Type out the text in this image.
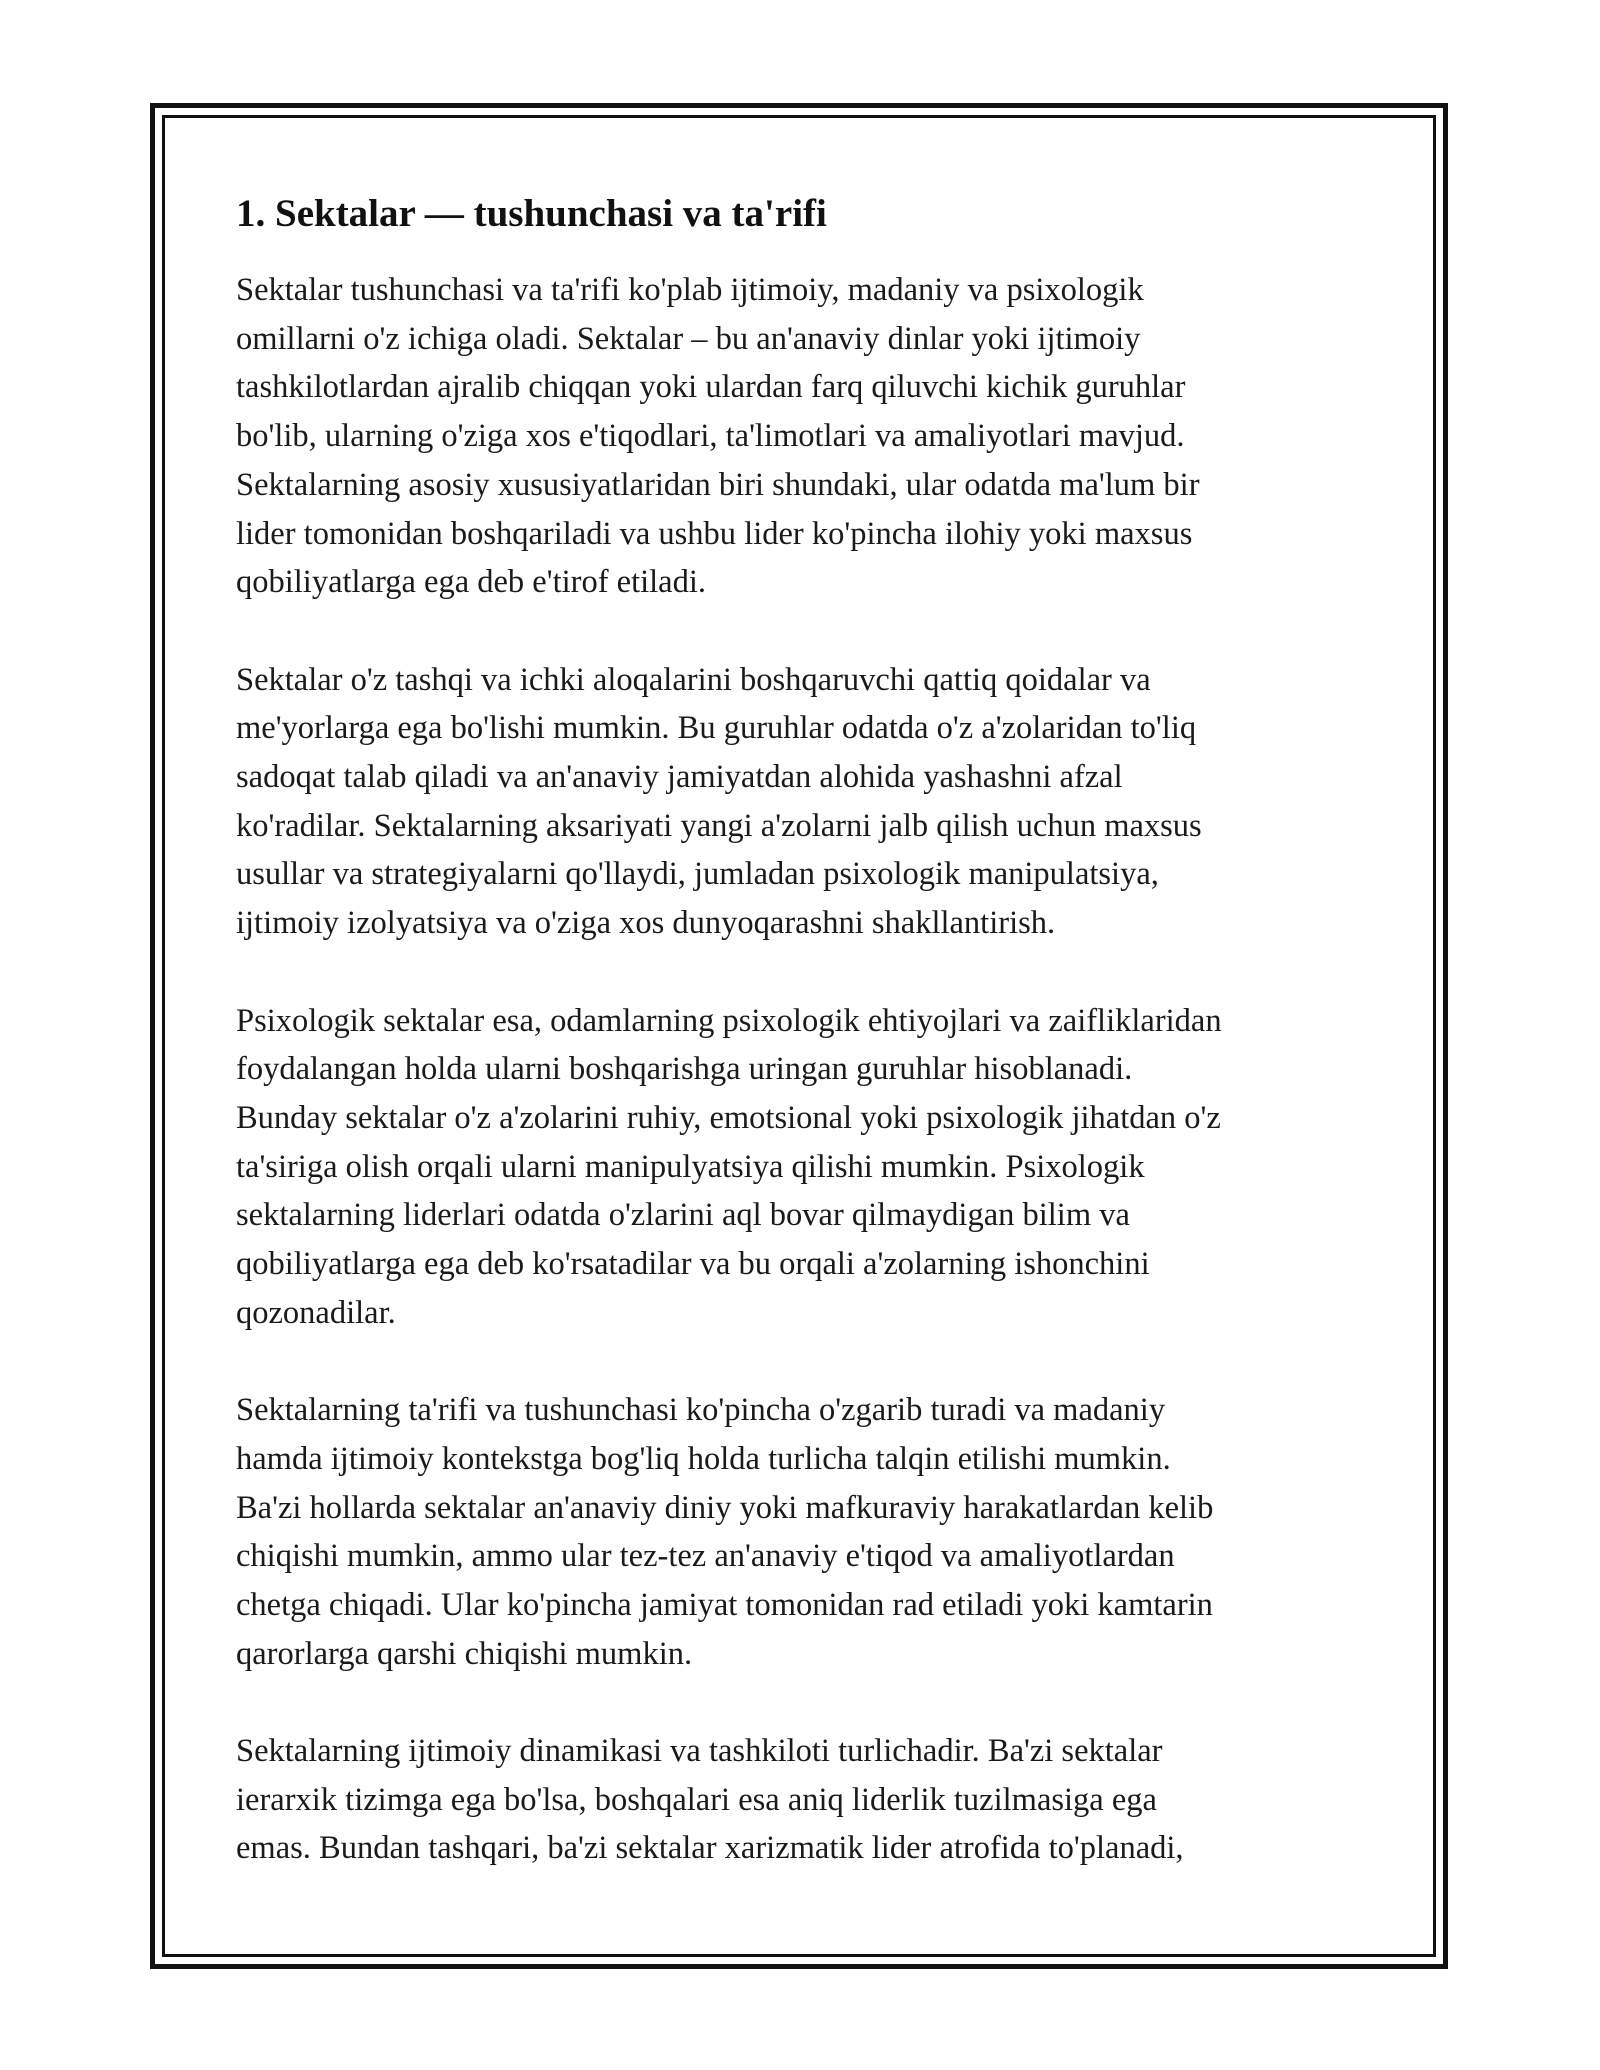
1. Sektalar — tushunchasi va ta'rifi

Sektalar tushunchasi va ta'rifi ko'plab ijtimoiy, madaniy va psixologik
omillarni o'z ichiga oladi. Sektalar – bu an'anaviy dinlar yoki ijtimoiy
tashkilotlardan ajralib chiqqan yoki ulardan farq qiluvchi kichik guruhlar
bo'lib, ularning o'ziga xos e'tiqodlari, ta'limotlari va amaliyotlari mavjud.
Sektalarning asosiy xususiyatlaridan biri shundaki, ular odatda ma'lum bir
lider tomonidan boshqariladi va ushbu lider ko'pincha ilohiy yoki maxsus
qobiliyatlarga ega deb e'tirof etiladi.

Sektalar o'z tashqi va ichki aloqalarini boshqaruvchi qattiq qoidalar va
me'yorlarga ega bo'lishi mumkin. Bu guruhlar odatda o'z a'zolaridan to'liq
sadoqat talab qiladi va an'anaviy jamiyatdan alohida yashashni afzal
ko'radilar. Sektalarning aksariyati yangi a'zolarni jalb qilish uchun maxsus
usullar va strategiyalarni qo'llaydi, jumladan psixologik manipulatsiya,
ijtimoiy izolyatsiya va o'ziga xos dunyoqarashni shakllantirish.

Psixologik sektalar esa, odamlarning psixologik ehtiyojlari va zaifliklaridan
foydalangan holda ularni boshqarishga uringan guruhlar hisoblanadi.
Bunday sektalar o'z a'zolarini ruhiy, emotsional yoki psixologik jihatdan o'z
ta'siriga olish orqali ularni manipulyatsiya qilishi mumkin. Psixologik
sektalarning liderlari odatda o'zlarini aql bovar qilmaydigan bilim va
qobiliyatlarga ega deb ko'rsatadilar va bu orqali a'zolarning ishonchini
qozonadilar.

Sektalarning ta'rifi va tushunchasi ko'pincha o'zgarib turadi va madaniy
hamda ijtimoiy kontekstga bog'liq holda turlicha talqin etilishi mumkin.
Ba'zi hollarda sektalar an'anaviy diniy yoki mafkuraviy harakatlardan kelib
chiqishi mumkin, ammo ular tez-tez an'anaviy e'tiqod va amaliyotlardan
chetga chiqadi. Ular ko'pincha jamiyat tomonidan rad etiladi yoki kamtarin
qarorlarga qarshi chiqishi mumkin.

Sektalarning ijtimoiy dinamikasi va tashkiloti turlichadir. Ba'zi sektalar
ierarxik tizimga ega bo'lsa, boshqalari esa aniq liderlik tuzilmasiga ega
emas. Bundan tashqari, ba'zi sektalar xarizmatik lider atrofida to'planadi,
